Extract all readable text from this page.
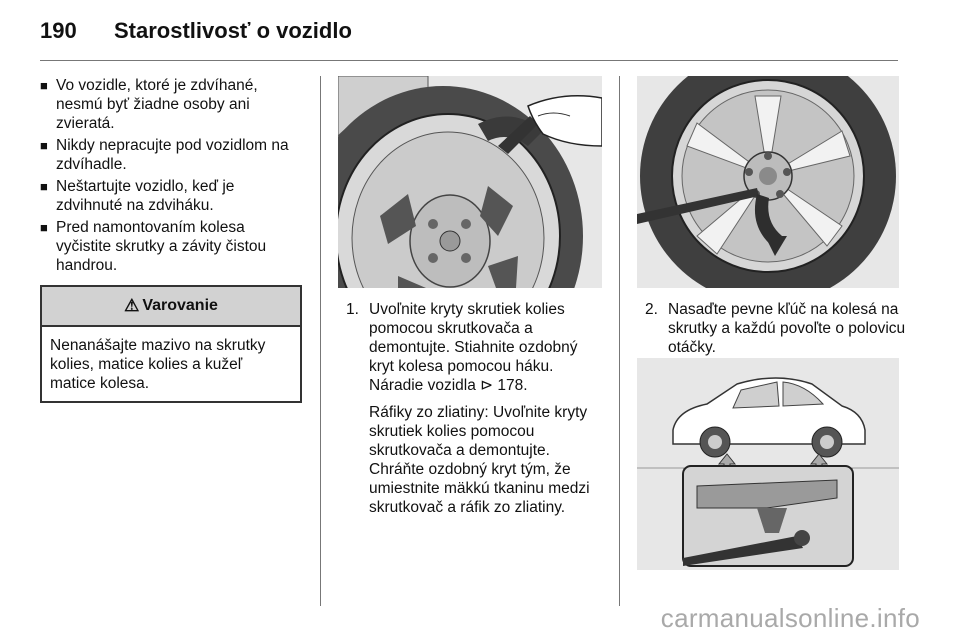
190 Starostlivosť o vozidlo
■ Vo vozidle, ktoré je zdvíhané, nesmú byť žiadne osoby ani zvieratá.
■ Nikdy nepracujte pod vozidlom na zdvíhadle.
■ Neštartujte vozidlo, keď je zdvihnuté na zdviháku.
■ Pred namontovaním kolesa vyčistite skrutky a závity čistou handrou.
⚠ Varovanie
Nenanášajte mazivo na skrutky kolies, matice kolies a kužeľ matice kolesa.
1. Uvoľnite kryty skrutiek kolies pomocou skrutkovača a demontujte. Stiahnite ozdobný kryt kolesa pomocou háku. Náradie vozidla ⊳ 178.

Ráfiky zo zliatiny: Uvoľnite kryty skrutiek kolies pomocou skrutkovača a demontujte. Chráňte ozdobný kryt tým, že umiestnite mäkkú tkaninu medzi skrutkovač a ráfik zo zliatiny.

2. Nasaďte pevne kľúč na kolesá na skrutky a každú povoľte o polovicu otáčky.
carmanualsonline.info
